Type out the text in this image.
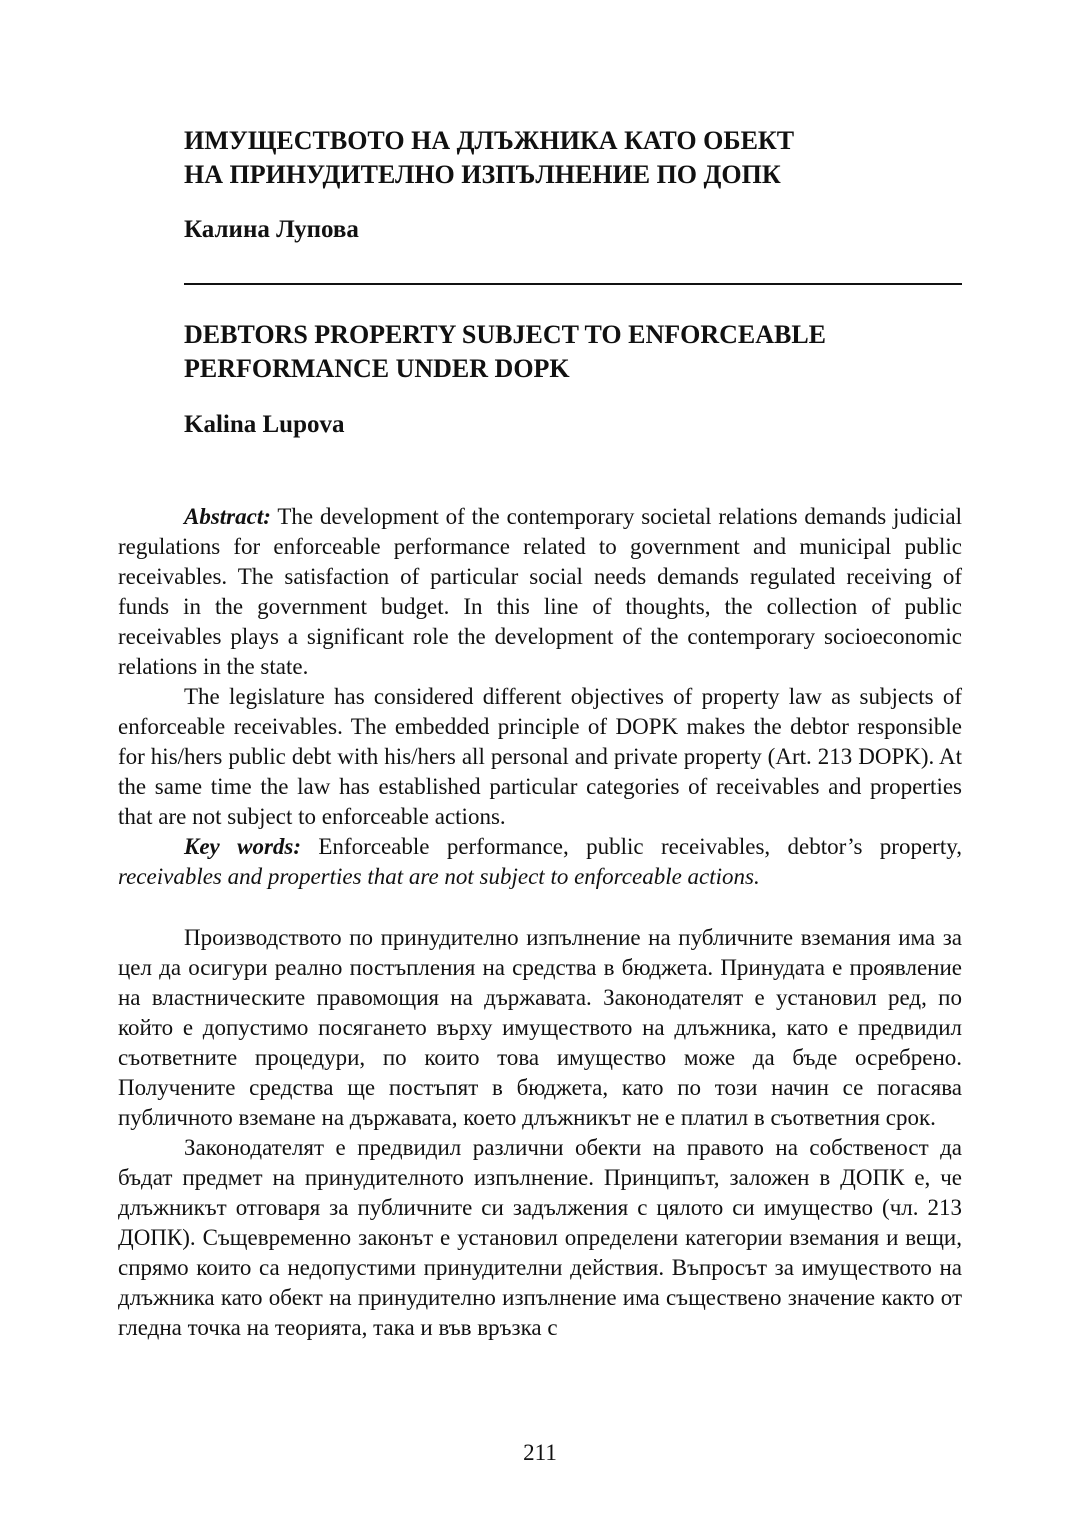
ИМУЩЕСТВОТО НА ДЛЪЖНИКА КАТО ОБЕКТ
НА ПРИНУДИТЕЛНО ИЗПЪЛНЕНИЕ ПО ДОПК
Калина Лупова
DEBTORS PROPERTY SUBJECT TO ENFORCEABLE
PERFORMANCE UNDER DOPK
Kalina Lupova

Abstract: The development of the contemporary societal relations demands judicial regulations for enforceable performance related to government and municipal public receivables. The satisfaction of particular social needs demands regulated receiving of funds in the government budget. In this line of thoughts, the collection of public receivables plays a significant role the development of the contemporary socioeconomic relations in the state.

The legislature has considered different objectives of property law as subjects of enforceable receivables. The embedded principle of DOPK makes the debtor responsible for his/hers public debt with his/hers all personal and private property (Art. 213 DOPK). At the same time the law has established particular categories of receivables and properties that are not subject to enforceable actions.

Key words: Enforceable performance, public receivables, debtor’s property, receivables and properties that are not subject to enforceable actions.

Производството по принудително изпълнение на публичните вземания има за цел да осигури реално постъпления на средства в бюджета. Принудата е проявление на властническите правомощия на държавата. Законодателят е установил ред, по който е допустимо посягането върху имуществото на длъжника, като е предвидил съответните процедури, по които това имущество може да бъде осребрено. Получените средства ще постъпят в бюджета, като по този начин се погасява публичното вземане на държавата, което длъжникът не е платил в съответния срок.

Законодателят е предвидил различни обекти на правото на собственост да бъдат предмет на принудителното изпълнение. Принципът, заложен в ДОПК е, че длъжникът отговаря за публичните си задължения с цялото си имущество (чл. 213 ДОПК). Същевременно законът е установил определени категории вземания и вещи, спрямо които са недопустими принудителни действия. Въпросът за имуществото на длъжника като обект на принудително изпълнение има съществено значение както от гледна точка на теорията, така и във връзка с

211
